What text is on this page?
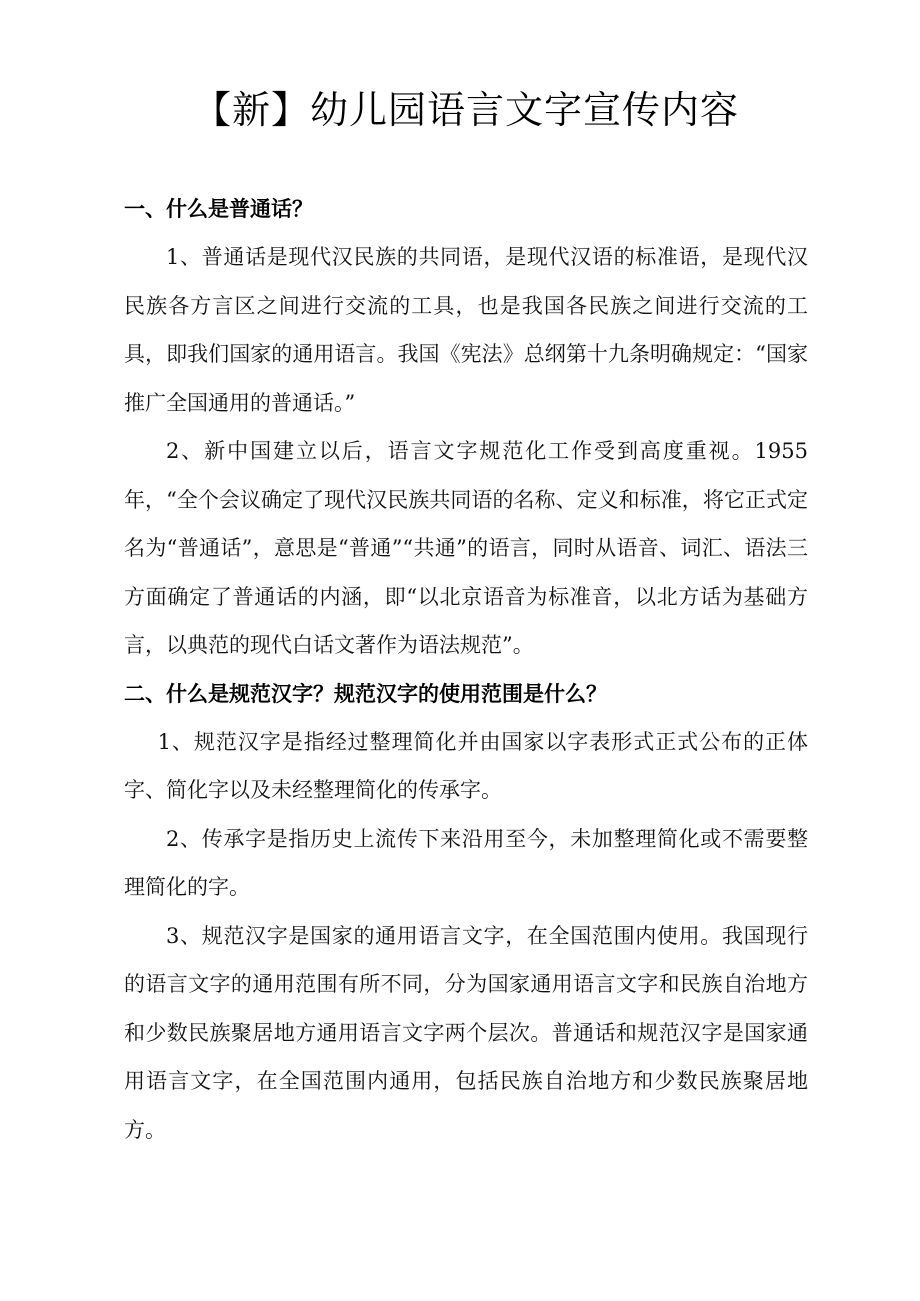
【新】幼儿园语言文字宣传内容
一、什么是普通话？

1、普通话是现代汉民族的共同语，是现代汉语的标准语，是现代汉民族各方言区之间进行交流的工具，也是我国各民族之间进行交流的工具，即我们国家的通用语言。我国《宪法》总纲第十九条明确规定：“国家推广全国通用的普通话。”

2、新中国建立以后，语言文字规范化工作受到高度重视。1955年，“全个会议确定了现代汉民族共同语的名称、定义和标准，将它正式定名为“普通话”，意思是“普通”“共通”的语言，同时从语音、词汇、语法三方面确定了普通话的内涵，即“以北京语音为标准音，以北方话为基础方言，以典范的现代白话文著作为语法规范”。

二、什么是规范汉字？规范汉字的使用范围是什么？

1、规范汉字是指经过整理简化并由国家以字表形式正式公布的正体字、简化字以及未经整理简化的传承字。

2、传承字是指历史上流传下来沿用至今，未加整理简化或不需要整理简化的字。

3、规范汉字是国家的通用语言文字，在全国范围内使用。我国现行的语言文字的通用范围有所不同，分为国家通用语言文字和民族自治地方和少数民族聚居地方通用语言文字两个层次。普通话和规范汉字是国家通用语言文字，在全国范围内通用，包括民族自治地方和少数民族聚居地方。
